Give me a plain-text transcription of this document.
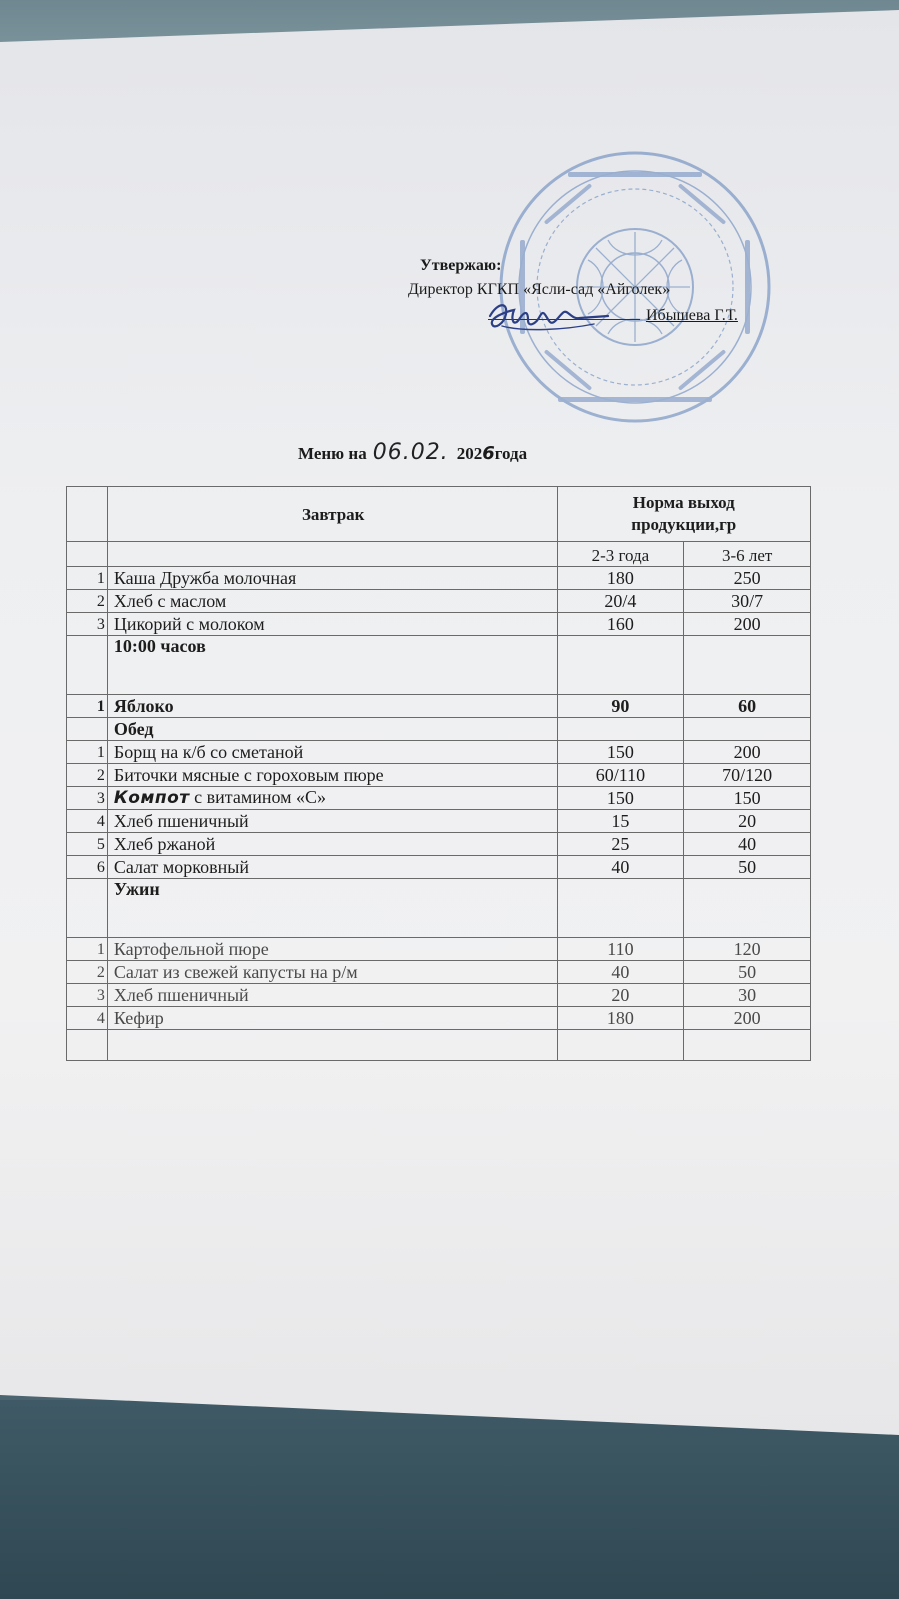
Утвержаю:
Директор КГКП «Ясли-сад «Айголек»
Ибышева Г.Т.
Меню на 06.02. 2026года
	Завтрак	Норма выход
продукции,гр	
		2-3 года	3-6 лет
1	Каша Дружба молочная	180	250
2	Хлеб с маслом	20/4	30/7
3	Цикорий с молоком	160	200
	10:00 часов		
1	Яблоко	90	60
	Обед		
1	Борщ на к/б со сметаной	150	200
2	Биточки мясные с гороховым пюре	60/110	70/120
3	Компот с витамином «С»	150	150
4	Хлеб пшеничный	15	20
5	Хлеб ржаной	25	40
6	Салат морковный	40	50
	Ужин		
1	Картофельной пюре	110	120
2	Салат из свежей капусты на р/м	40	50
3	Хлеб пшеничный	20	30
4	Кефир	180	200
